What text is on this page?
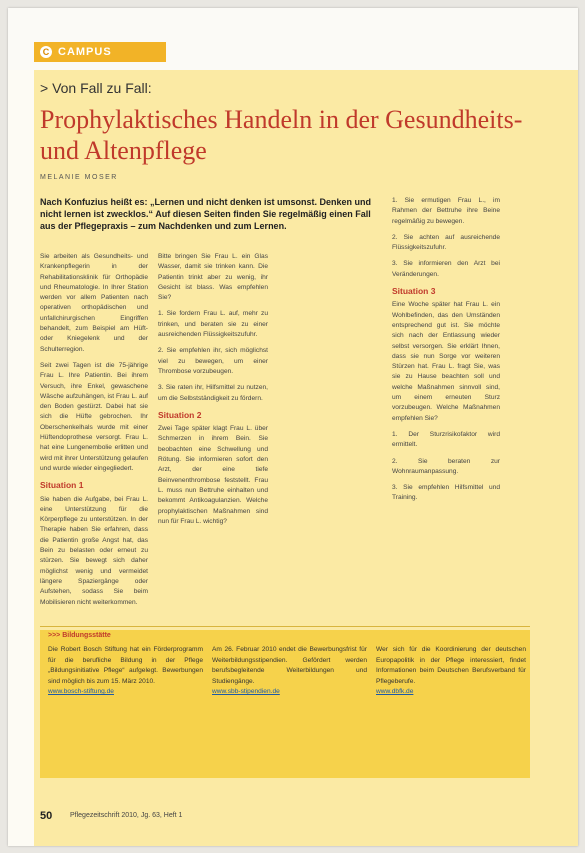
C CAMPUS
> Von Fall zu Fall:
Prophylaktisches Handeln in der Gesundheits- und Altenpflege
MELANIE MOSER
Nach Konfuzius heißt es: „Lernen und nicht denken ist umsonst. Denken und nicht lernen ist zwecklos.“ Auf diesen Seiten finden Sie regelmäßig einen Fall aus der Pflegepraxis – zum Nachdenken und zum Lernen.

Sie arbeiten als Gesundheits- und Krankenpflegerin in der Rehabilitationsklinik für Orthopädie und Rheumatologie. In Ihrer Station werden vor allem Patienten nach operativen orthopädischen und unfallchirurgischen Eingriffen behandelt, zum Beispiel am Hüft- oder Kniegelenk und der Schulterregion.

Seit zwei Tagen ist die 75-jährige Frau L. Ihre Patientin. Bei ihrem Versuch, ihre Enkel, gewaschene Wäsche aufzuhängen, ist Frau L. auf den Boden gestürzt. Dabei hat sie sich die Hüfte gebrochen. Ihr Oberschenkelhals wurde mit einer Hüftendoprothese versorgt. Frau L. hat eine Lungenembolie erlitten und wird mit ihrer Unterstützung gelaufen und wurde wieder eingegliedert.

Situation 1

Sie haben die Aufgabe, bei Frau L. eine Unterstützung für die Körperpflege zu unterstützen. In der Therapie haben Sie erfahren, dass die Patientin große Angst hat, das Bein zu belasten oder erneut zu stürzen. Sie bewegt sich daher möglichst wenig und vermeidet längere Spaziergänge oder Aufstehen, sodass Sie beim Mobilisieren nicht weiterkommen.

Bitte bringen Sie Frau L. ein Glas Wasser, damit sie trinken kann. Die Patientin trinkt aber zu wenig, ihr Gesicht ist blass. Was empfehlen Sie?

1. Sie fordern Frau L. auf, mehr zu trinken, und beraten sie zu einer ausreichenden Flüssigkeitszufuhr.

2. Sie empfehlen ihr, sich möglichst viel zu bewegen, um einer Thrombose vorzubeugen.

3. Sie raten ihr, Hilfsmittel zu nutzen, um die Selbstständigkeit zu fördern.

Situation 2

Zwei Tage später klagt Frau L. über Schmerzen in ihrem Bein. Sie beobachten eine Schwellung und Rötung. Sie informieren sofort den Arzt, der eine tiefe Beinvenenthrombose feststellt. Frau L. muss nun Bettruhe einhalten und bekommt Antikoagulanzien. Welche prophylaktischen Maßnahmen sind nun für Frau L. wichtig?

1. Sie ermutigen Frau L., im Rahmen der Bettruhe ihre Beine regelmäßig zu bewegen.

2. Sie achten auf ausreichende Flüssigkeitszufuhr.

3. Sie informieren den Arzt bei Veränderungen.

Situation 3

Eine Woche später hat Frau L. ein Wohlbefinden, das den Umständen entsprechend gut ist. Sie möchte sich nach der Entlassung wieder selbst versorgen. Sie erklärt Ihnen, dass sie nun Sorge vor weiteren Stürzen hat. Frau L. fragt Sie, was sie zu Hause beachten soll und welche Maßnahmen sinnvoll sind, um einem erneuten Sturz vorzubeugen. Welche Maßnahmen empfehlen Sie?

1. Der Sturzrisikofaktor wird ermittelt.

2. Sie beraten zur Wohnraumanpassung.

3. Sie empfehlen Hilfsmittel und Training.

>>> Bildungsstätte

Die Robert Bosch Stiftung hat ein Förderprogramm für die berufliche Bildung in der Pflege „Bildungsinitiative Pflege“ aufgelegt. Bewerbungen sind möglich bis zum 15. März 2010.

www.bosch-stiftung.de

Am 26. Februar 2010 endet die Bewerbungsfrist für Weiterbildungsstipendien. Gefördert werden berufsbegleitende Weiterbildungen und Studiengänge.

www.sbb-stipendien.de

Wer sich für die Koordinierung der deutschen Europapolitik in der Pflege interessiert, findet Informationen beim Deutschen Berufsverband für Pflegeberufe.

www.dbfk.de
50	Pflegezeitschrift 2010, Jg. 63, Heft 1
